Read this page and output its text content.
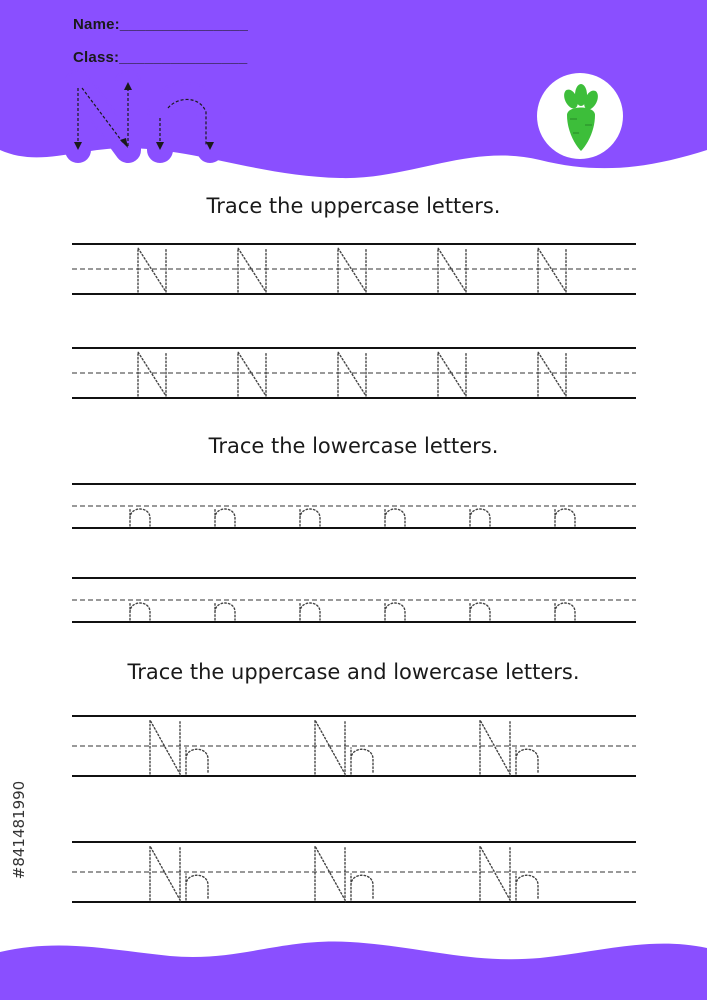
Name:_______________
Class:_______________
Trace the uppercase letters.
Trace the lowercase letters.
Trace the uppercase and lowercase letters.
#841481990
